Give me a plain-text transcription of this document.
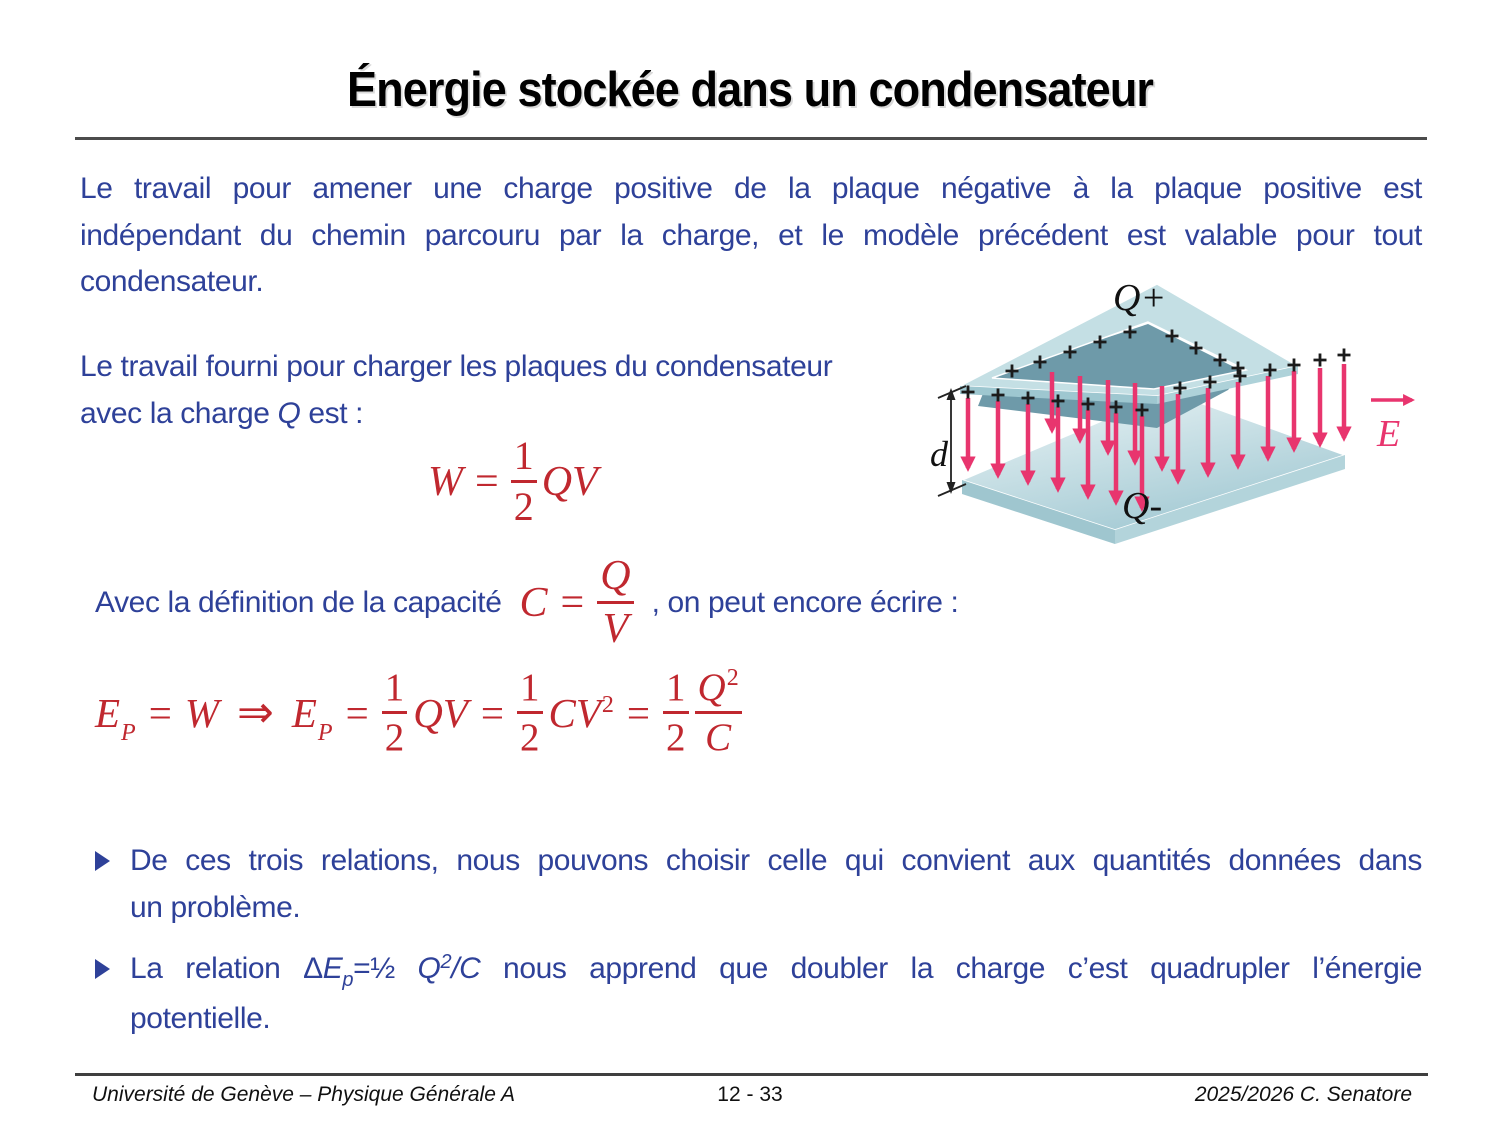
Énergie stockée dans un condensateur
Le travail pour amener une charge positive de la plaque négative à la plaque positive est
indépendant du chemin parcouru par la charge, et le modèle précédent est valable pour tout
condensateur.
Le travail fourni pour charger les plaques du condensateur
avec la charge Q est :
$W = \frac{1}{2}$ QV
Q+
Q-
d	E
Avec la définition de la capacité $C = \frac{Q}{V}$ , on peut encore écrire :
$E_P = W$ ⇒ $E_P = \frac{1}{2}$ QV = $\frac{1}{2} CV^2 = \frac{1}{2} \frac{Q^2}{C}$
De ces trois relations, nous pouvons choisir celle qui convient aux quantités données dans
un problème.
La relation $\Delta E_p=\frac{1}{2}$ $Q^2/C$ nous apprend que doubler la charge c’est quadrupler l’énergie
potentielle.
Université de Genève – Physique Générale A	12 - 33	2025/2026 C. Senatore
